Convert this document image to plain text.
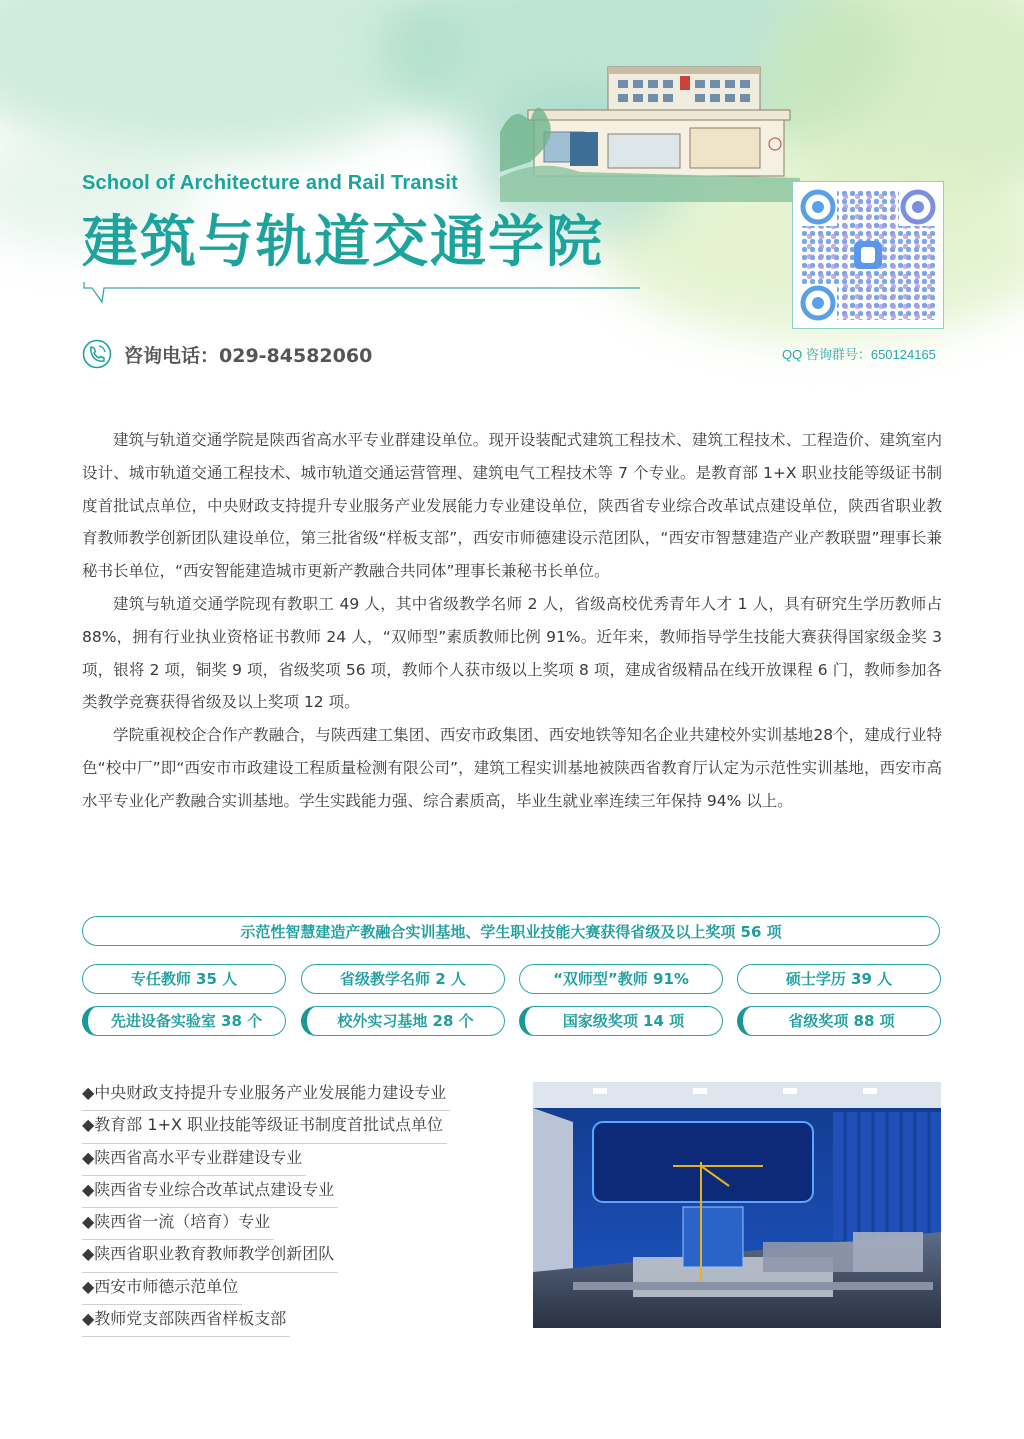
School of Architecture and Rail Transit
建筑与轨道交通学院
QQ 咨询群号：650124165
咨询电话：029-84582060

建筑与轨道交通学院是陕西省高水平专业群建设单位。现开设装配式建筑工程技术、建筑工程技术、工程造价、建筑室内设计、城市轨道交通工程技术、城市轨道交通运营管理、建筑电气工程技术等 7 个专业。是教育部 1+X 职业技能等级证书制度首批试点单位，中央财政支持提升专业服务产业发展能力专业建设单位，陕西省专业综合改革试点建设单位，陕西省职业教育教师教学创新团队建设单位，第三批省级“样板支部”，西安市师德建设示范团队，“西安市智慧建造产业产教联盟”理事长兼秘书长单位，“西安智能建造城市更新产教融合共同体”理事长兼秘书长单位。

建筑与轨道交通学院现有教职工 49 人，其中省级教学名师 2 人，省级高校优秀青年人才 1 人，具有研究生学历教师占 88%，拥有行业执业资格证书教师 24 人，“双师型”素质教师比例 91%。近年来，教师指导学生技能大赛获得国家级金奖 3 项，银将 2 项，铜奖 9 项，省级奖项 56 项，教师个人获市级以上奖项 8 项，建成省级精品在线开放课程 6 门，教师参加各类教学竞赛获得省级及以上奖项 12 项。

学院重视校企合作产教融合，与陕西建工集团、西安市政集团、西安地铁等知名企业共建校外实训基地28个，建成行业特色“校中厂”即“西安市市政建设工程质量检测有限公司”，建筑工程实训基地被陕西省教育厅认定为示范性实训基地，西安市高水平专业化产教融合实训基地。学生实践能力强、综合素质高，毕业生就业率连续三年保持 94% 以上。

示范性智慧建造产教融合实训基地、学生职业技能大赛获得省级及以上奖项 56 项
专任教师 35 人	省级教学名师 2 人	“双师型”教师 91%	硕士学历 39 人
先进设备实验室 38 个	校外实习基地 28 个	国家级奖项 14 项	省级奖项 88 项
◆中央财政支持提升专业服务产业发展能力建设专业
◆教育部 1+X 职业技能等级证书制度首批试点单位
◆陕西省高水平专业群建设专业
◆陕西省专业综合改革试点建设专业
◆陕西省一流（培育）专业
◆陕西省职业教育教师教学创新团队
◆西安市师德示范单位
◆教师党支部陕西省样板支部
